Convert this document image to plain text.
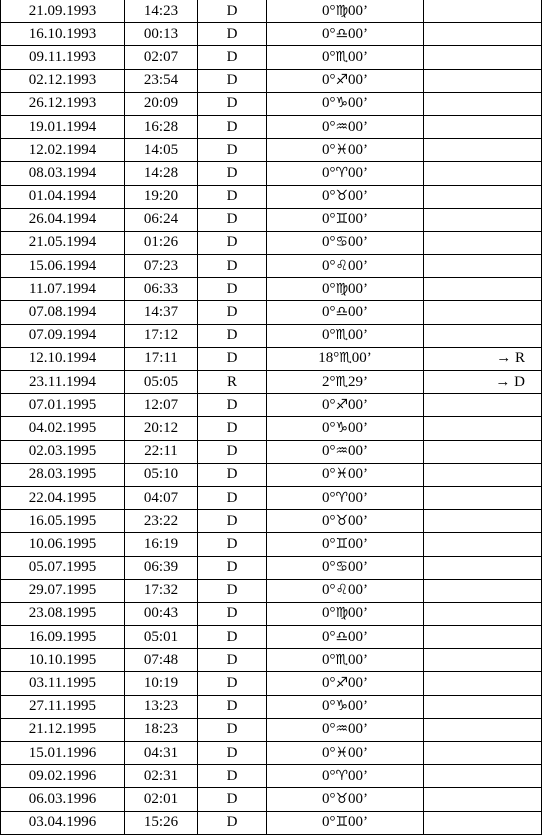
21.09.1993	14:23	D	0°♍00’	
16.10.1993	00:13	D	0°♎00’	
09.11.1993	02:07	D	0°♏00’	
02.12.1993	23:54	D	0°♐00’	
26.12.1993	20:09	D	0°♑00’	
19.01.1994	16:28	D	0°♒00’	
12.02.1994	14:05	D	0°♓00’	
08.03.1994	14:28	D	0°♈00’	
01.04.1994	19:20	D	0°♉00’	
26.04.1994	06:24	D	0°♊00’	
21.05.1994	01:26	D	0°♋00’	
15.06.1994	07:23	D	0°♌00’	
11.07.1994	06:33	D	0°♍00’	
07.08.1994	14:37	D	0°♎00’	
07.09.1994	17:12	D	0°♏00’	
12.10.1994	17:11	D	18°♏00’	→ R
23.11.1994	05:05	R	2°♏29’	→ D
07.01.1995	12:07	D	0°♐00’	
04.02.1995	20:12	D	0°♑00’	
02.03.1995	22:11	D	0°♒00’	
28.03.1995	05:10	D	0°♓00’	
22.04.1995	04:07	D	0°♈00’	
16.05.1995	23:22	D	0°♉00’	
10.06.1995	16:19	D	0°♊00’	
05.07.1995	06:39	D	0°♋00’	
29.07.1995	17:32	D	0°♌00’	
23.08.1995	00:43	D	0°♍00’	
16.09.1995	05:01	D	0°♎00’	
10.10.1995	07:48	D	0°♏00’	
03.11.1995	10:19	D	0°♐00’	
27.11.1995	13:23	D	0°♑00’	
21.12.1995	18:23	D	0°♒00’	
15.01.1996	04:31	D	0°♓00’	
09.02.1996	02:31	D	0°♈00’	
06.03.1996	02:01	D	0°♉00’	
03.04.1996	15:26	D	0°♊00’	
